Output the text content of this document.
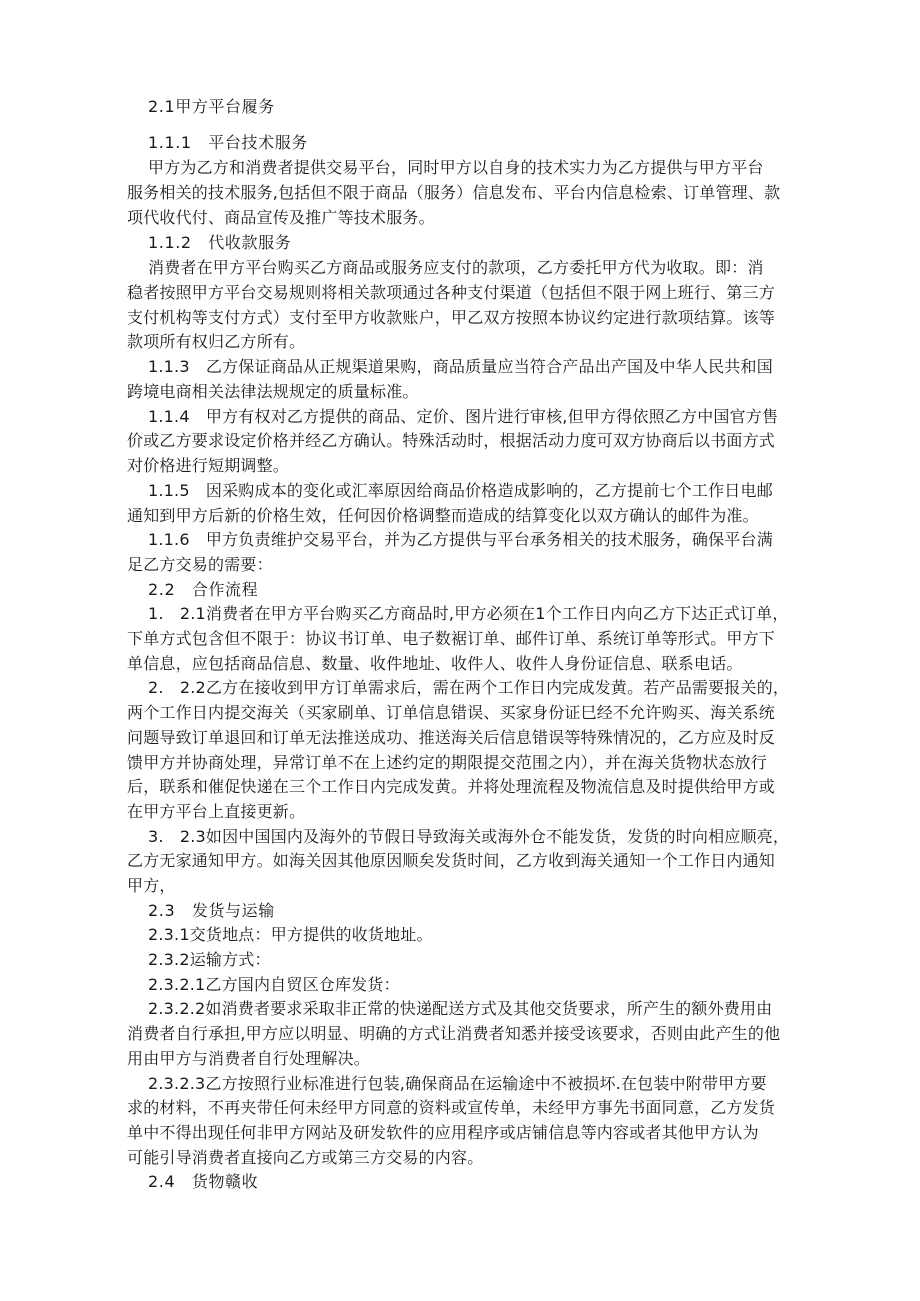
2.1甲方平台履务
1.1.1　平台技术服务
甲方为乙方和消费者提供交易平台，同时甲方以自身的技术实力为乙方提供与甲方平台
服务相关的技术服务,包括但不限于商品（服务）信息发布、平台内信息检索、订单管理、款
项代收代付、商品宣传及推广等技术服务。
1.1.2　代收款服务
消费者在甲方平台购买乙方商品或服务应支付的款项，乙方委托甲方代为收取。即：消
稳者按照甲方平台交易规则将相关款项通过各种支付渠道（包括但不限于网上班行、第三方
支付机构等支付方式）支付至甲方收款账户，甲乙双方按照本协议约定进行款项结算。该等
款项所有权归乙方所有。
1.1.3　乙方保证商品从正规渠道果购，商品质量应当符合产品出产国及中华人民共和国
跨境电商相关法律法规规定的质量标准。
1.1.4　甲方有权对乙方提供的商品、定价、图片进行审核,但甲方得依照乙方中国官方售
价或乙方要求设定价格并经乙方确认。特殊活动时，根据活动力度可双方协商后以书面方式
对价格进行短期调整。
1.1.5　因采购成本的变化或汇率原因给商品价格造成影响的，乙方提前七个工作日电邮
通知到甲方后新的价格生效，任何因价格调整而造成的结算变化以双方确认的邮件为准。
1.1.6　甲方负责维护交易平台，并为乙方提供与平台承务相关的技术服务，确保平台满
足乙方交易的需要：
2.2　合作流程
1.　2.1消费者在甲方平台购买乙方商品时,甲方必须在1个工作日内向乙方下达正式订单，
下单方式包含但不限于：协议书订单、电子数裾订单、邮件订单、系统订单等形式。甲方下
单信息，应包括商品信息、数量、收件地址、收件人、收件人身份证信息、联系电话。
2.　2.2乙方在接收到甲方订单需求后，需在两个工作日内完成发黄。若产品需要报关的，
两个工作日内提交海关（买家刷单、订单信息错误、买家身份证巳经不允许购买、海关系统
问题导致订单退回和订单无法推送成功、推送海关后信息错误等特殊情况的，乙方应及时反
馈甲方并协商处理，异常订单不在上述约定的期限提交范围之内），并在海关货物状态放行
后，联系和催促快递在三个工作日内完成发黄。并将处理流程及物流信息及时提供给甲方或
在甲方平台上直接更新。
3.　2.3如因中国国内及海外的节假日导致海关或海外仓不能发货，发货的时向相应顺亮，
乙方无家通知甲方。如海关因其他原因顺矣发货时间，乙方收到海关通知一个工作日内通知
甲方，
2.3　发货与运输
2.3.1交货地点：甲方提供的收货地址。
2.3.2运输方式：
2.3.2.1乙方国内自贸区仓库发货：
2.3.2.2如消费者要求采取非正常的快递配送方式及其他交货要求，所产生的额外费用由
消费者自行承担,甲方应以明显、明确的方式让消费者知悉并接受该要求，否则由此产生的他
用由甲方与消费者自行处理解决。
2.3.2.3乙方按照行业标准进行包装,确保商品在运输途中不被损坏.在包装中附带甲方要
求的材料，不再夹带任何未经甲方同意的资料或宣传单，未经甲方事先书面同意，乙方发货
单中不得出现任何非甲方网站及研发软件的应用程序或店铺信息等内容或者其他甲方认为
可能引导消费者直接向乙方或第三方交易的内容。
2.4　货物赣收
